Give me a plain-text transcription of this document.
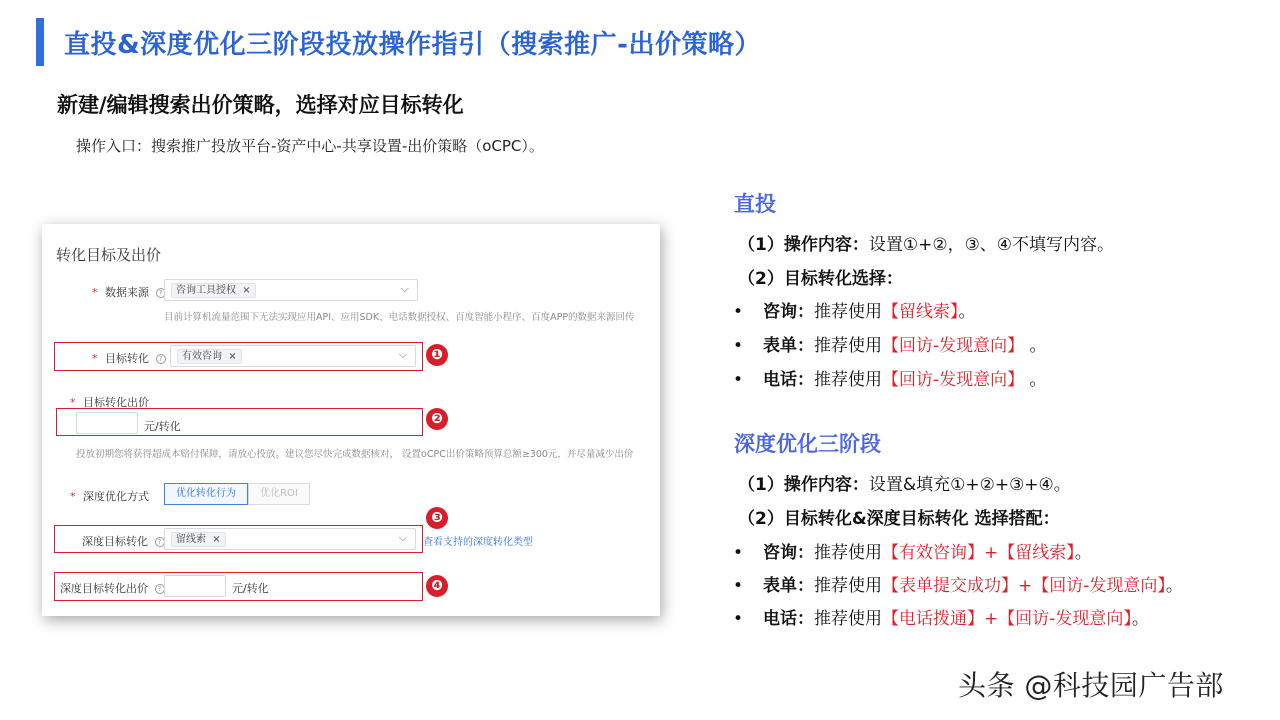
直投&深度优化三阶段投放操作指引（搜索推广-出价策略）
新建/编辑搜索出价策略，选择对应目标转化
操作入口：搜索推广投放平台-资产中心-共享设置-出价策略（oCPC）。
转化目标及出价
* 数据来源 ?	咨询工具授权 ×	⌵
目前计算机流量范围下无法实现应用API、应用SDK、电话数据授权、百度智能小程序、百度APP的数据来源回传
* 目标转化 ?	有效咨询 ×	⌵
* 目标转化出价
元/转化
投放初期您将获得超成本赔付保障，请放心投放。建议您尽快完成数据核对， 设置oCPC出价策略预算总额≥300元，并尽量减少出价
* 深度优化方式	优化转化行为	优化ROI
深度目标转化 ?	留线索 ×	⌵ 查看支持的深度转化类型
深度目标转化出价 ?	元/转化
❶
❷
❸
❹
直投
（1）操作内容：设置①+②，③、④不填写内容。
（2）目标转化选择：
• 咨询：推荐使用【留线索】。
• 表单：推荐使用【回访-发现意向】 。
• 电话：推荐使用【回访-发现意向】 。
深度优化三阶段
（1）操作内容：设置&填充①+②+③+④。
（2）目标转化&深度目标转化 选择搭配：
• 咨询：推荐使用【有效咨询】+【留线索】。
• 表单：推荐使用【表单提交成功】+【回访-发现意向】。
• 电话：推荐使用【电话拨通】+【回访-发现意向】。
头条 @科技园广告部
